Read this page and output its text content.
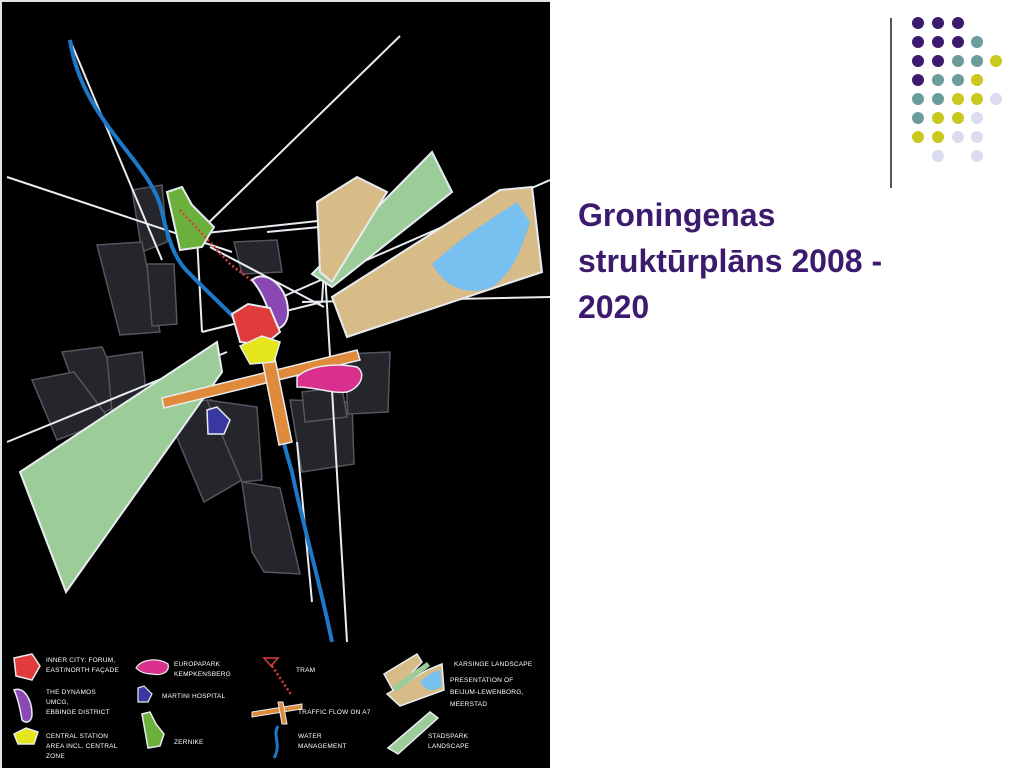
INNER CITY: FORUM,
EAST/NORTH FAÇADE
THE DYNAMOS
UMCG,
EBBINGE DISTRICT
CENTRAL STATION
AREA INCL. CENTRAL
ZONE
EUROPAPARK
KEMPKENSBERG
MARTINI HOSPITAL
ZERNIKE
TRAM
TRAFFIC FLOW ON A7
WATER
MANAGEMENT
KARSINGE LANDSCAPE
PRESENTATION OF
BEIJUM-LEWENBORG,
MEERSTAD
STADSPARK
LANDSCAPE
Groningenas
struktūrplāns 2008 -
2020
